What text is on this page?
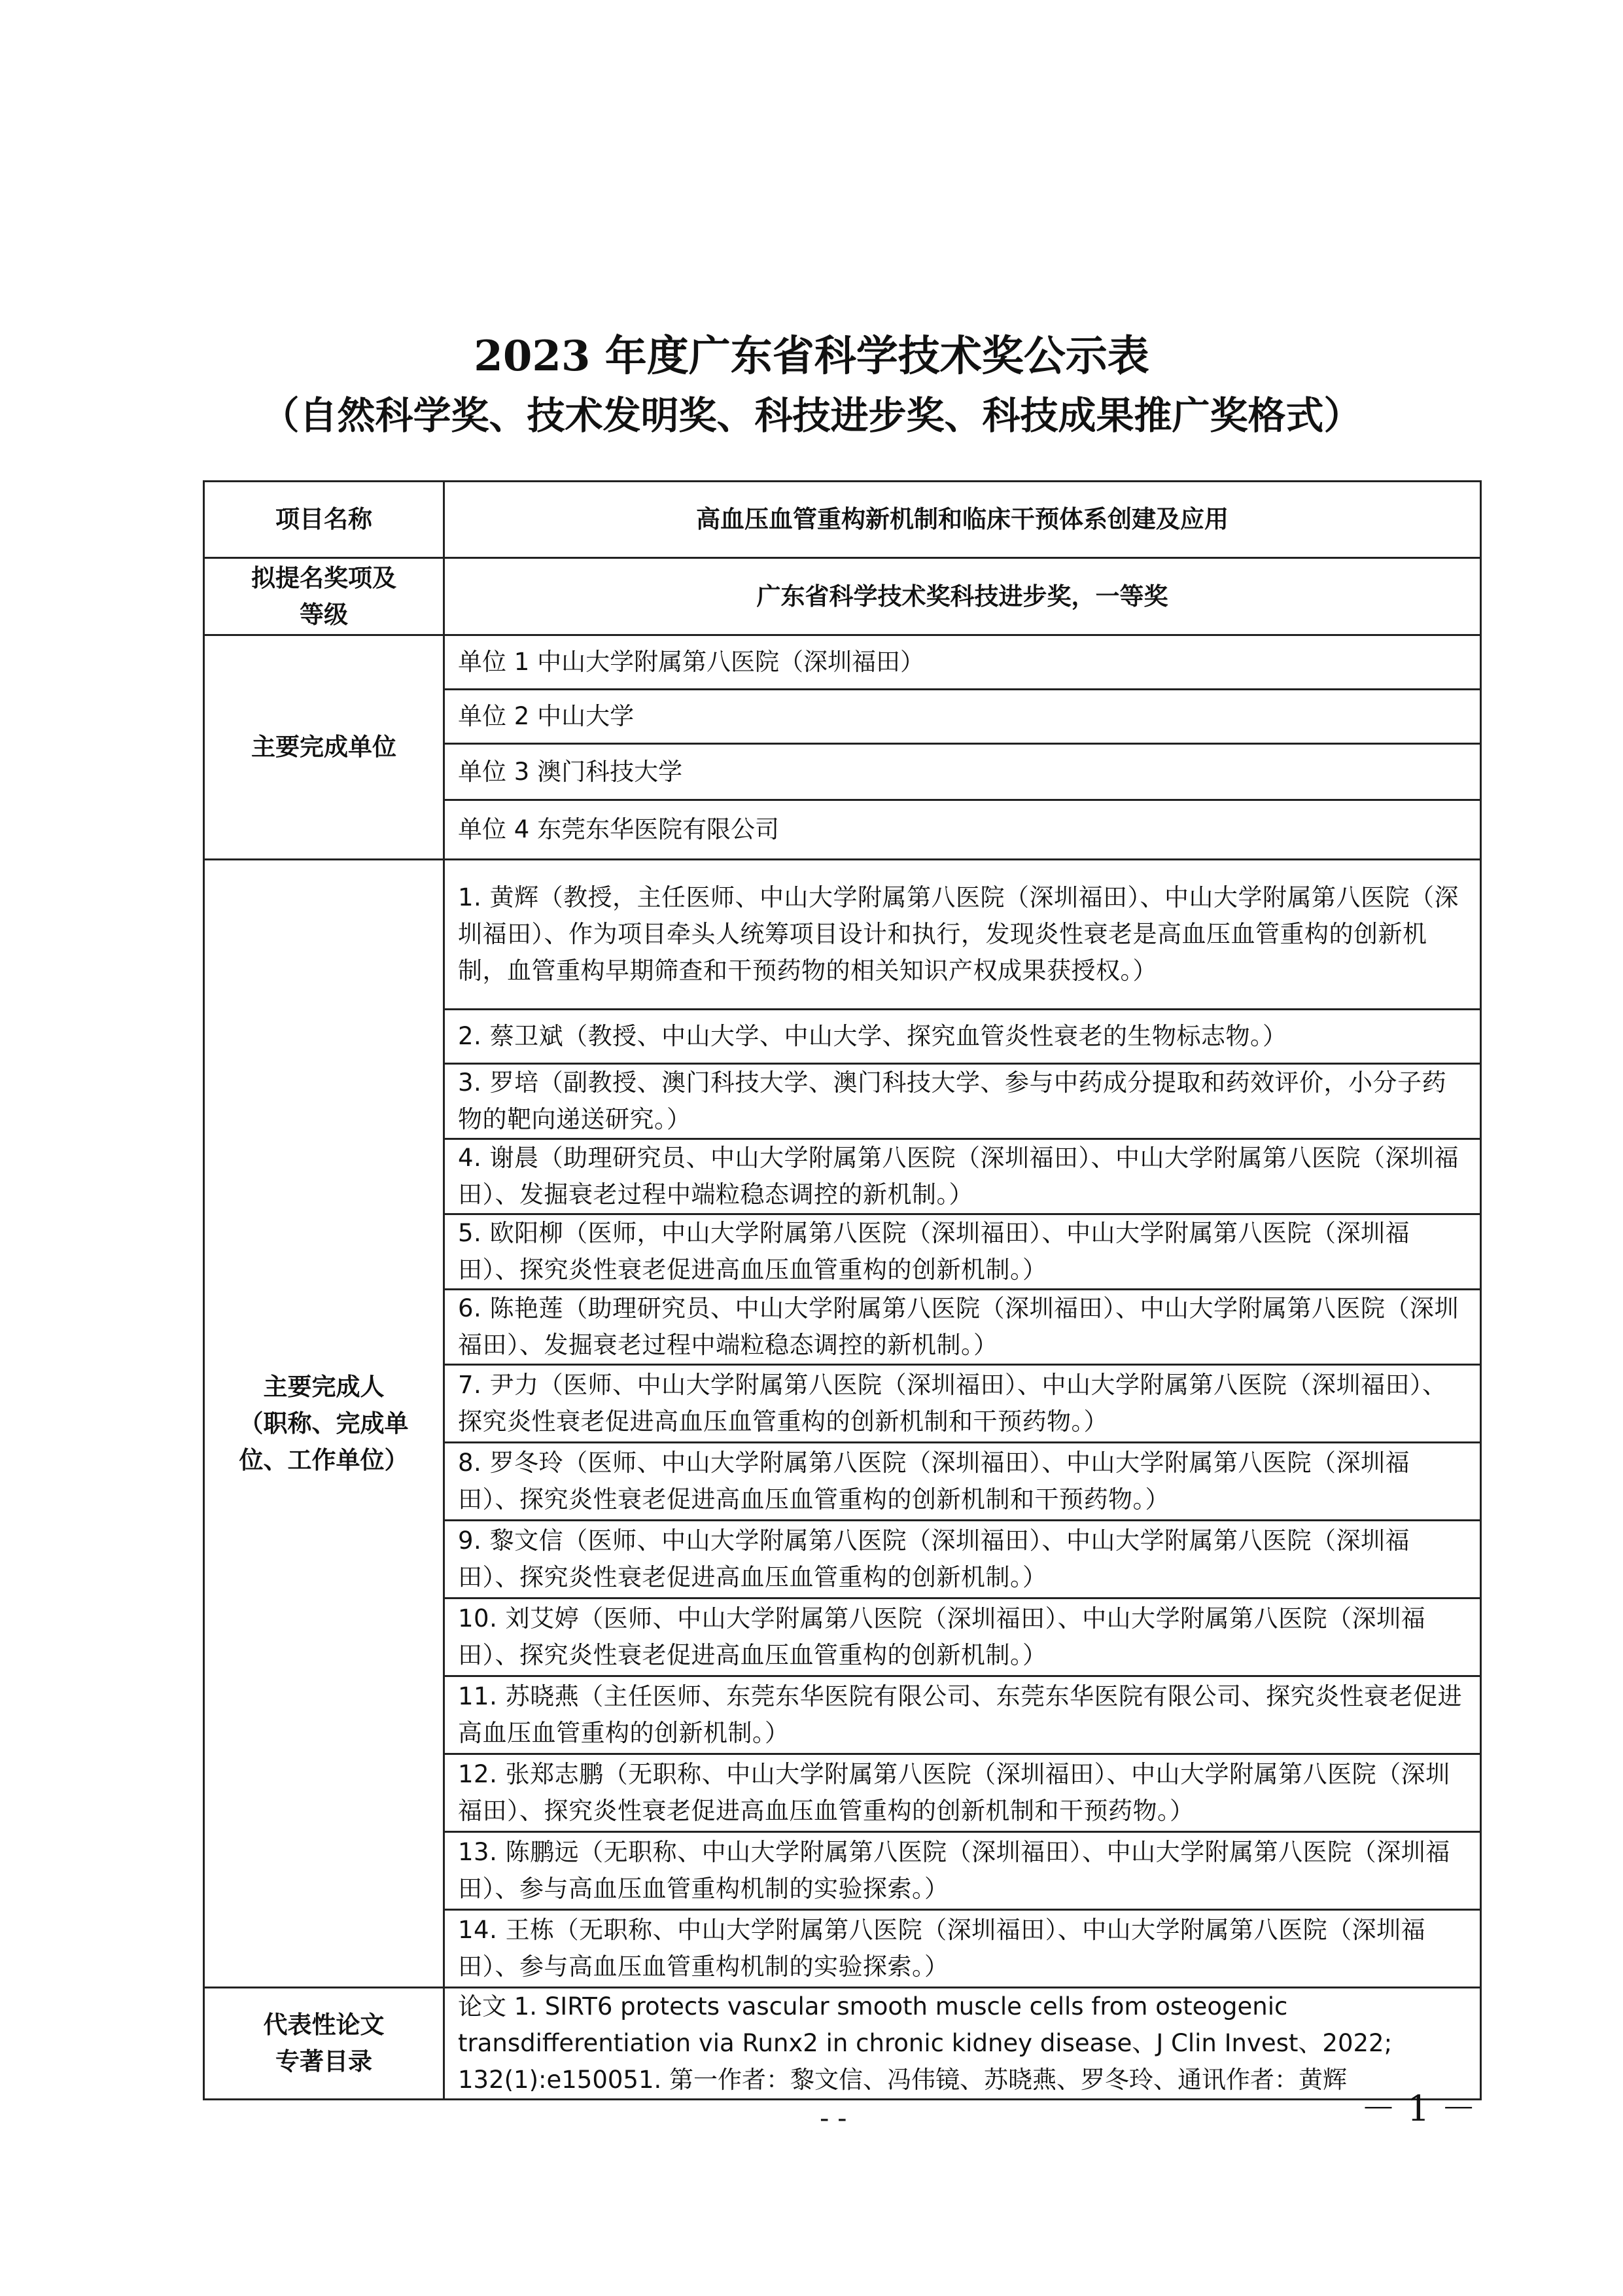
2023 年度广东省科学技术奖公示表
（自然科学奖、技术发明奖、科技进步奖、科技成果推广奖格式）
项目名称	高血压血管重构新机制和临床干预体系创建及应用

拟提名奖项及
等级	广东省科学技术奖科技进步奖，一等奖
主要完成单位	单位 1 中山大学附属第八医院（深圳福田）
	单位 2 中山大学
	单位 3 澳门科技大学
	单位 4 东莞东华医院有限公司

主要完成人
（职称、完成单
位、工作单位）	1. 黄辉（教授，主任医师、中山大学附属第八医院（深圳福田）、中山大学附属第八医院（深圳福田）、作为项目牵头人统筹项目设计和执行，发现炎性衰老是高血压血管重构的创新机制，血管重构早期筛查和干预药物的相关知识产权成果获授权。）
	2. 蔡卫斌（教授、中山大学、中山大学、探究血管炎性衰老的生物标志物。）
	3. 罗培（副教授、澳门科技大学、澳门科技大学、参与中药成分提取和药效评价，小分子药物的靶向递送研究。）
	4. 谢晨（助理研究员、中山大学附属第八医院（深圳福田）、中山大学附属第八医院（深圳福田）、发掘衰老过程中端粒稳态调控的新机制。）
	5. 欧阳柳（医师，中山大学附属第八医院（深圳福田）、中山大学附属第八医院（深圳福田）、探究炎性衰老促进高血压血管重构的创新机制。）
	6. 陈艳莲（助理研究员、中山大学附属第八医院（深圳福田）、中山大学附属第八医院（深圳福田）、发掘衰老过程中端粒稳态调控的新机制。）
	7. 尹力（医师、中山大学附属第八医院（深圳福田）、中山大学附属第八医院（深圳福田）、探究炎性衰老促进高血压血管重构的创新机制和干预药物。）
	8. 罗冬玲（医师、中山大学附属第八医院（深圳福田）、中山大学附属第八医院（深圳福田）、探究炎性衰老促进高血压血管重构的创新机制和干预药物。）
	9. 黎文信（医师、中山大学附属第八医院（深圳福田）、中山大学附属第八医院（深圳福田）、探究炎性衰老促进高血压血管重构的创新机制。）
	10. 刘艾婷（医师、中山大学附属第八医院（深圳福田）、中山大学附属第八医院（深圳福田）、探究炎性衰老促进高血压血管重构的创新机制。）
	11. 苏晓燕（主任医师、东莞东华医院有限公司、东莞东华医院有限公司、探究炎性衰老促进高血压血管重构的创新机制。）
	12. 张郑志鹏（无职称、中山大学附属第八医院（深圳福田）、中山大学附属第八医院（深圳福田）、探究炎性衰老促进高血压血管重构的创新机制和干预药物。）
	13. 陈鹏远（无职称、中山大学附属第八医院（深圳福田）、中山大学附属第八医院（深圳福田）、参与高血压血管重构机制的实验探索。）
	14. 王栋（无职称、中山大学附属第八医院（深圳福田）、中山大学附属第八医院（深圳福田）、参与高血压血管重构机制的实验探索。）

代表性论文
专著目录	论文 1. SIRT6 protects vascular smooth muscle cells from osteogenic transdifferentiation via Runx2 in chronic kidney disease、J Clin Invest、2022; 132(1):e150051. 第一作者：黎文信、冯伟镜、苏晓燕、罗冬玲、通讯作者：黄辉
- -	－ 1 －
